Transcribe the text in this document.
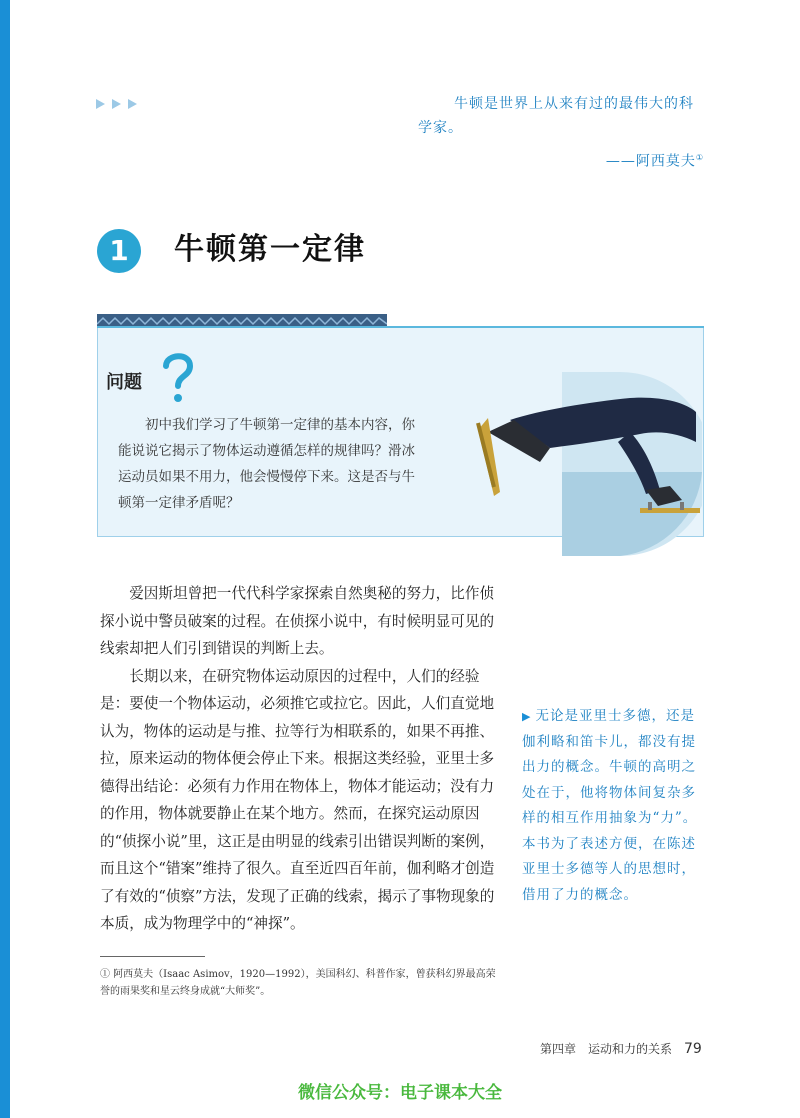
牛顿是世界上从来有过的最伟大的科
学家。
——阿西莫夫①
1	牛顿第一定律
问题
初中我们学习了牛顿第一定律的基本内容，你能说说它揭示了物体运动遵循怎样的规律吗？滑冰运动员如果不用力，他会慢慢停下来。这是否与牛顿第一定律矛盾呢？

爱因斯坦曾把一代代科学家探索自然奥秘的努力，比作侦探小说中警员破案的过程。在侦探小说中，有时候明显可见的线索却把人们引到错误的判断上去。

长期以来，在研究物体运动原因的过程中，人们的经验是：要使一个物体运动，必须推它或拉它。因此，人们直觉地认为，物体的运动是与推、拉等行为相联系的，如果不再推、拉，原来运动的物体便会停止下来。根据这类经验，亚里士多德得出结论：必须有力作用在物体上，物体才能运动；没有力的作用，物体就要静止在某个地方。然而，在探究运动原因的“侦探小说”里，这正是由明显的线索引出错误判断的案例，而且这个“错案”维持了很久。直至近四百年前，伽利略才创造了有效的“侦察”方法，发现了正确的线索，揭示了事物现象的本质，成为物理学中的“神探”。

▶ 无论是亚里士多德，还是伽利略和笛卡儿，都没有提出力的概念。牛顿的高明之处在于，他将物体间复杂多样的相互作用抽象为“力”。本书为了表述方便，在陈述亚里士多德等人的思想时，借用了力的概念。
① 阿西莫夫（Isaac Asimov，1920—1992），美国科幻、科普作家，曾获科幻界最高荣誉的雨果奖和星云终身成就“大师奖”。
第四章　运动和力的关系 79
微信公众号：电子课本大全
